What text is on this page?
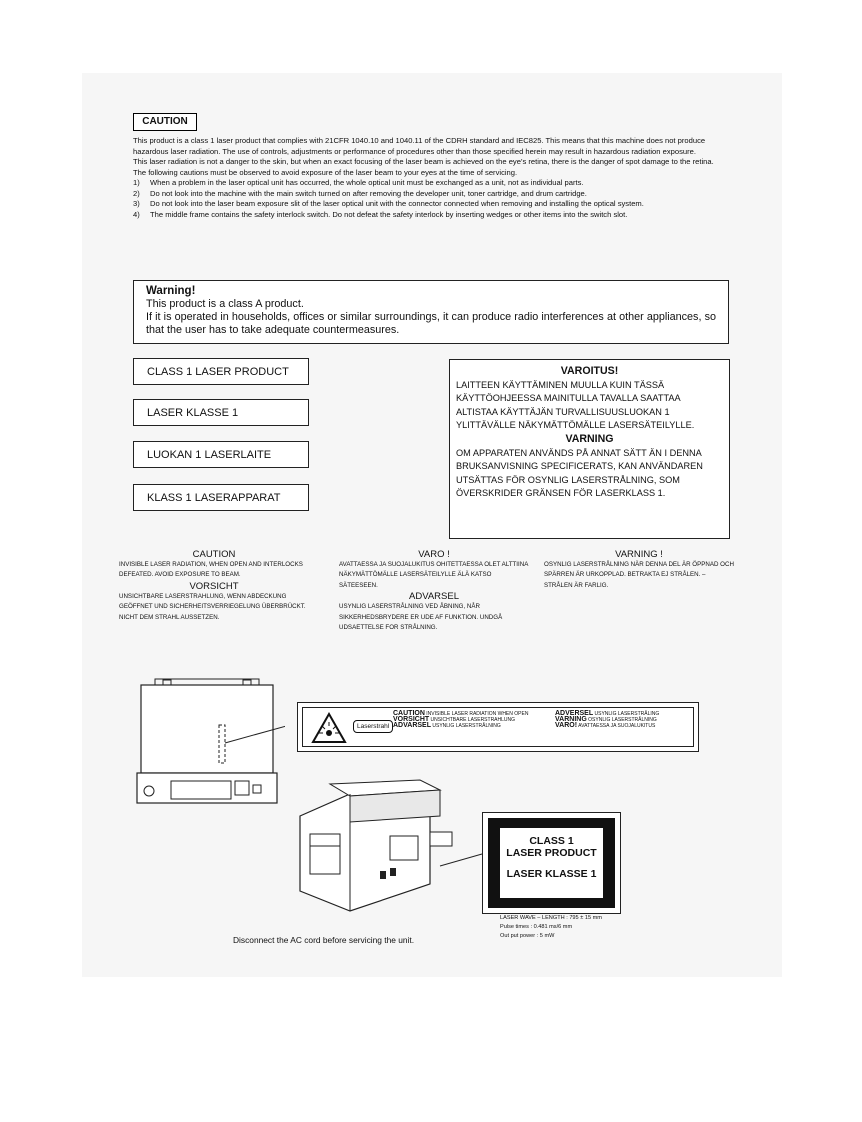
CAUTION

This product is a class 1 laser product that complies with 21CFR 1040.10 and 1040.11 of the CDRH standard and IEC825. This means that this machine does not produce hazardous laser radiation. The use of controls, adjustments or performance of procedures other than those specified herein may result in hazardous radiation exposure.

This laser radiation is not a danger to the skin, but when an exact focusing of the laser beam is achieved on the eye’s retina, there is the danger of spot damage to the retina.

The following cautions must be observed to avoid exposure of the laser beam to your eyes at the time of servicing.

1)	When a problem in the laser optical unit has occurred, the whole optical unit must be exchanged as a unit, not as individual parts.
2)	Do not look into the machine with the main switch turned on after removing the developer unit, toner cartridge, and drum cartridge.
3)	Do not look into the laser beam exposure slit of the laser optical unit with the connector connected when removing and installing the optical system.
4)	The middle frame contains the safety interlock switch. Do not defeat the safety interlock by inserting wedges or other items into the switch slot.
Warning!
This product is a class A product.
If it is operated in households, offices or similar surroundings, it can produce radio interferences at other appliances, so that the user has to take adequate countermeasures.
CLASS 1 LASER PRODUCT
LASER KLASSE 1
LUOKAN 1 LASERLAITE
KLASS 1 LASERAPPARAT
VAROITUS!
LAITTEEN KÄYTTÄMINEN MUULLA KUIN TÄSSÄ KÄYTTÖOHJEESSA MAINITULLA TAVALLA SAATTAA ALTISTAA KÄYTTÄJÄN TURVALLISUUSLUOKAN 1 YLITTÄVÄLLE NÄKYMÄTTÖMÄLLE LASERSÄTEILYLLE.
VARNING
OM APPARATEN ANVÄNDS PÅ ANNAT SÄTT ÄN I DENNA BRUKSANVISNING SPECIFICERATS, KAN ANVÄNDAREN UTSÄTTAS FÖR OSYNLIG LASERSTRÅLNING, SOM ÖVERSKRIDER GRÄNSEN FÖR LASERKLASS 1.
CAUTION
INVISIBLE LASER RADIATION, WHEN OPEN AND INTERLOCKS DEFEATED. AVOID EXPOSURE TO BEAM.
VORSICHT
UNSICHTBARE LASERSTRAHLUNG, WENN ABDECKUNG GEÖFFNET UND SICHERHEITSVERRIEGELUNG ÜBERBRÜCKT. NICHT DEM STRAHL AUSSETZEN.
VARO !
AVATTAESSA JA SUOJALUKITUS OHITETTAESSA OLET ALTTIINA NÄKYMÄTTÖMÄLLE LASERSÄTEILYLLE ÄLÄ KATSO SÄTEESEEN.
ADVARSEL
USYNLIG LASERSTRÅLNING VED ÅBNING, NÅR SIKKERHEDSBRYDERE ER UDE AF FUNKTION. UNDGÅ UDSAETTELSE FOR STRÅLNING.
VARNING !
OSYNLIG LASERSTRÅLNING NÄR DENNA DEL ÄR ÖPPNAD OCH SPÄRREN ÄR URKOPPLAD. BETRAKTA EJ STRÅLEN. – STRÅLEN ÄR FARLIG.
Laserstrahl
CAUTION INVISIBLE LASER RADIATION WHEN OPEN
VORSICHT UNSICHTBARE LASERSTRAHLUNG
ADVARSEL USYNLIG LASERSTRÅLNING
ADVERSEL USYNLIG LASERSTRÅLING
VARNING OSYNLIG LASERSTRÅLNING
VARO! AVATTAESSA JA SUOJALUKITUS
CLASS 1
LASER PRODUCT
LASER KLASSE 1
LASER WAVE – LENGTH : 795 ± 15 mm
Pulse times : 0.481 ms/6 mm
Out put power : 5 mW
Disconnect the AC cord before servicing the unit.
